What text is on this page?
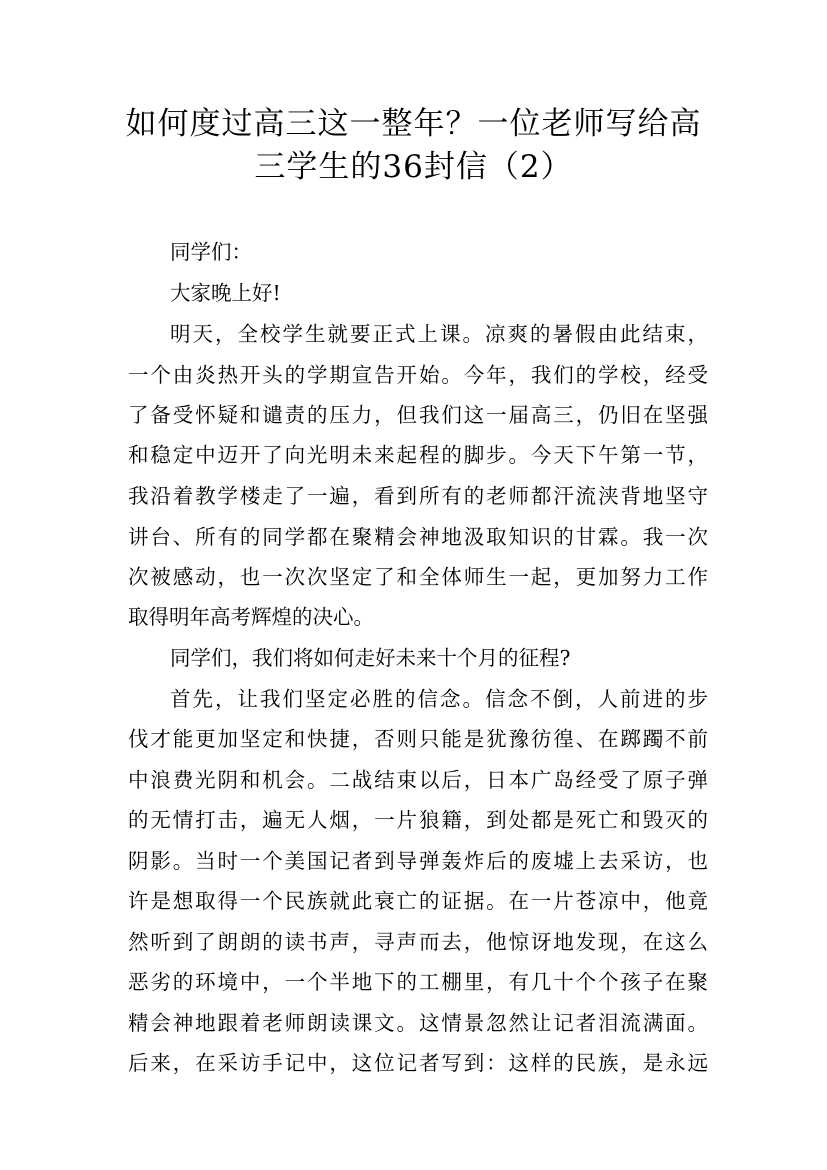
如何度过高三这一整年？一位老师写给高
三学生的36封信（2）
同学们：
大家晚上好!
明天，全校学生就要正式上课。凉爽的暑假由此结束，
一个由炎热开头的学期宣告开始。今年，我们的学校，经受
了备受怀疑和谴责的压力，但我们这一届高三，仍旧在坚强
和稳定中迈开了向光明未来起程的脚步。今天下午第一节，
我沿着教学楼走了一遍，看到所有的老师都汗流浃背地坚守
讲台、所有的同学都在聚精会神地汲取知识的甘霖。我一次
次被感动，也一次次坚定了和全体师生一起，更加努力工作
取得明年高考辉煌的决心。
同学们，我们将如何走好未来十个月的征程?
首先，让我们坚定必胜的信念。信念不倒，人前进的步
伐才能更加坚定和快捷，否则只能是犹豫彷徨、在踯躅不前
中浪费光阴和机会。二战结束以后，日本广岛经受了原子弹
的无情打击，遍无人烟，一片狼籍，到处都是死亡和毁灭的
阴影。当时一个美国记者到导弹轰炸后的废墟上去采访，也
许是想取得一个民族就此衰亡的证据。在一片苍凉中，他竟
然听到了朗朗的读书声，寻声而去，他惊讶地发现，在这么
恶劣的环境中，一个半地下的工棚里，有几十个个孩子在聚
精会神地跟着老师朗读课文。这情景忽然让记者泪流满面。
后来，在采访手记中，这位记者写到：这样的民族，是永远
